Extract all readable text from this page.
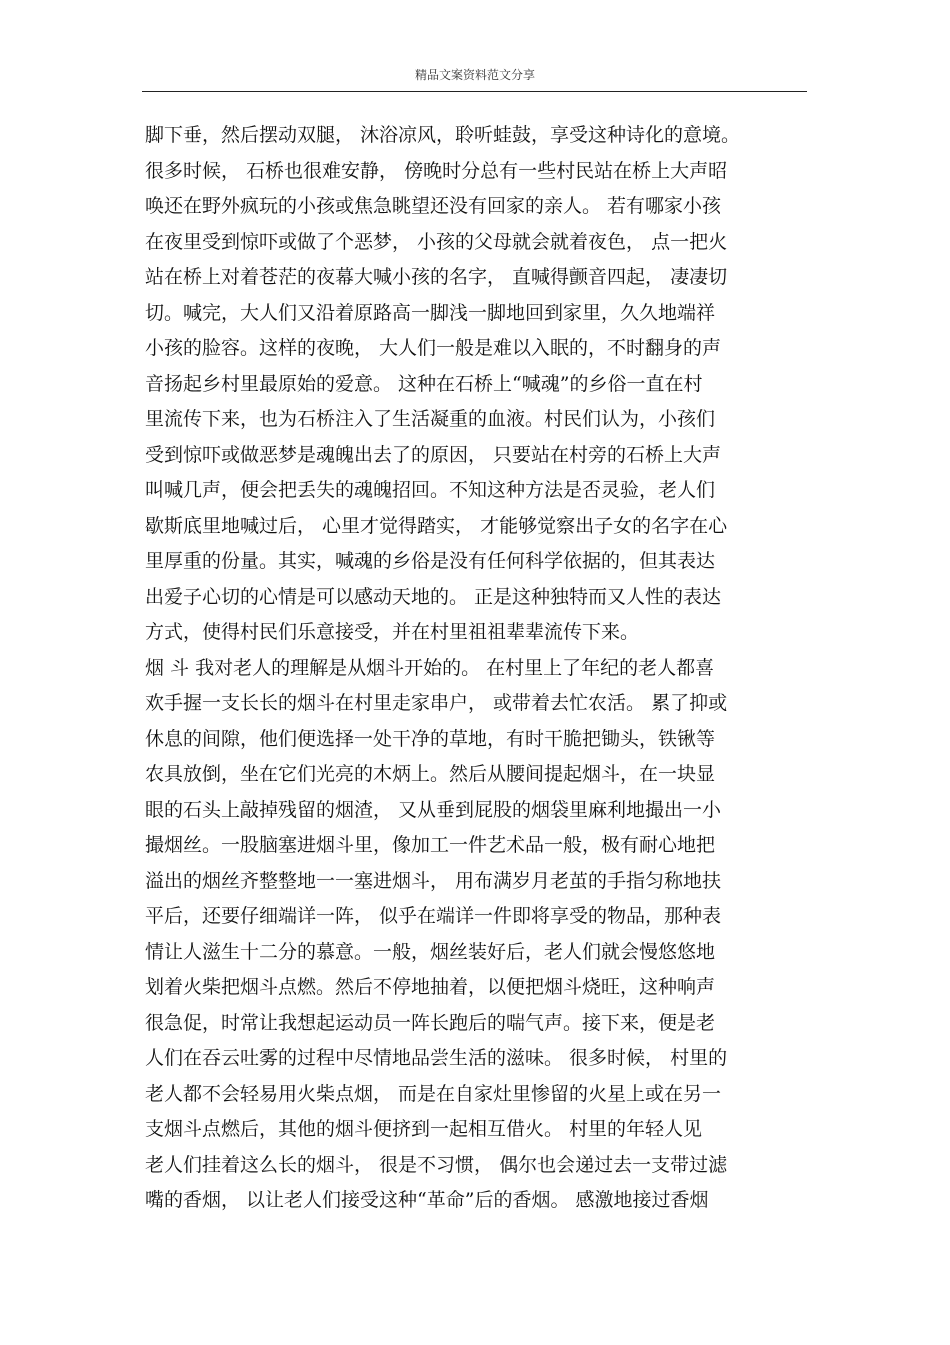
精品文案资料范文分享
脚下垂，然后摆动双腿， 沐浴凉风，聆听蛙鼓，享受这种诗化的意境。
很多时候， 石桥也很难安静， 傍晚时分总有一些村民站在桥上大声昭
唤还在野外疯玩的小孩或焦急眺望还没有回家的亲人。 若有哪家小孩
在夜里受到惊吓或做了个恶梦， 小孩的父母就会就着夜色， 点一把火
站在桥上对着苍茫的夜幕大喊小孩的名字， 直喊得颤音四起， 凄凄切
切。喊完，大人们又沿着原路高一脚浅一脚地回到家里，久久地端祥
小孩的脸容。这样的夜晚， 大人们一般是难以入眠的，不时翻身的声
音扬起乡村里最原始的爱意。 这种在石桥上“喊魂”的乡俗一直在村
里流传下来，也为石桥注入了生活凝重的血液。村民们认为，小孩们
受到惊吓或做恶梦是魂魄出去了的原因， 只要站在村旁的石桥上大声
叫喊几声，便会把丢失的魂魄招回。不知这种方法是否灵验，老人们
歇斯底里地喊过后， 心里才觉得踏实， 才能够觉察出子女的名字在心
里厚重的份量。其实，喊魂的乡俗是没有任何科学依据的，但其表达
出爱子心切的心情是可以感动天地的。 正是这种独特而又人性的表达
方式，使得村民们乐意接受，并在村里祖祖辈辈流传下来。
烟 斗 我对老人的理解是从烟斗开始的。 在村里上了年纪的老人都喜
欢手握一支长长的烟斗在村里走家串户， 或带着去忙农活。 累了抑或
休息的间隙，他们便选择一处干净的草地，有时干脆把锄头，铁锹等
农具放倒，坐在它们光亮的木炳上。然后从腰间提起烟斗，在一块显
眼的石头上敲掉残留的烟渣， 又从垂到屁股的烟袋里麻利地撮出一小
撮烟丝。一股脑塞进烟斗里，像加工一件艺术品一般，极有耐心地把
溢出的烟丝齐整整地一一塞进烟斗， 用布满岁月老茧的手指匀称地扶
平后，还要仔细端详一阵， 似乎在端详一件即将享受的物品，那种表
情让人滋生十二分的慕意。一般，烟丝装好后，老人们就会慢悠悠地
划着火柴把烟斗点燃。然后不停地抽着，以便把烟斗烧旺，这种响声
很急促，时常让我想起运动员一阵长跑后的喘气声。接下来，便是老
人们在吞云吐雾的过程中尽情地品尝生活的滋味。 很多时候， 村里的
老人都不会轻易用火柴点烟， 而是在自家灶里惨留的火星上或在另一
支烟斗点燃后，其他的烟斗便挤到一起相互借火。 村里的年轻人见
老人们挂着这么长的烟斗， 很是不习惯， 偶尔也会递过去一支带过滤
嘴的香烟， 以让老人们接受这种“革命”后的香烟。 感激地接过香烟
